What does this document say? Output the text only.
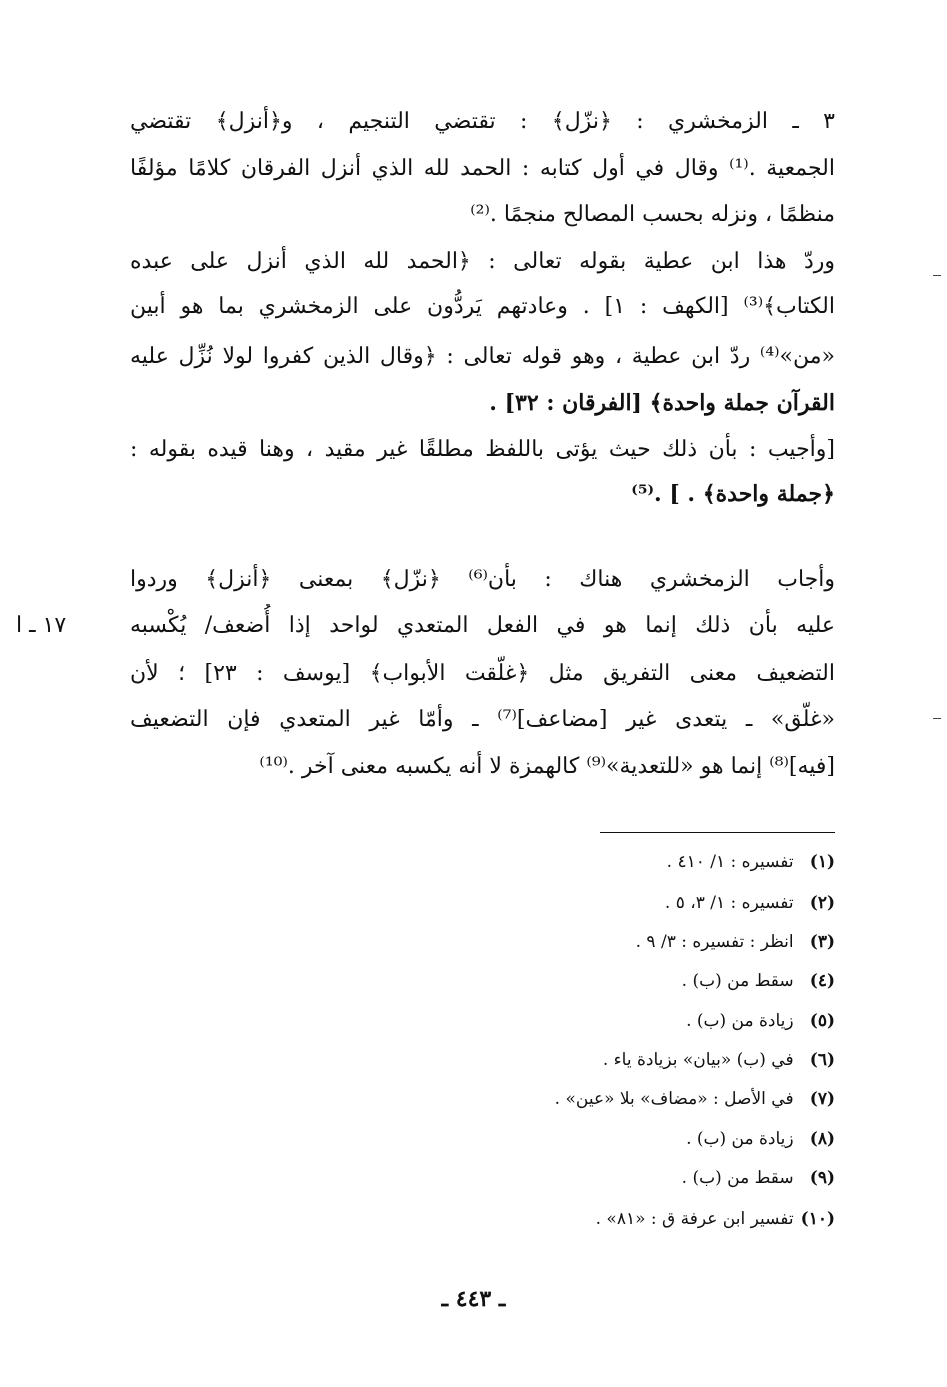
٣ ـ الزمخشري : ﴿نزّل﴾ : تقتضي التنجيم ، و﴿أنزل﴾ تقتضي
الجمعية .⁽¹⁾ وقال في أول كتابه : الحمد لله الذي أنزل الفرقان كلامًا مؤلفًا
منظمًا ، ونزله بحسب المصالح منجمًا .⁽²⁾
وردّ هذا ابن عطية بقوله تعالى : ﴿الحمد لله الذي أنزل على عبده
الكتاب﴾⁽³⁾ [الكهف : ١] . وعادتهم يَردُّون على الزمخشري بما هو أبين
«من»⁽⁴⁾ ردّ ابن عطية ، وهو قوله تعالى : ﴿وقال الذين كفروا لولا نُزِّل عليه
القرآن جملة واحدة﴾ [الفرقان : ٣٢] .
[وأجيب : بأن ذلك حيث يؤتى باللفظ مطلقًا غير مقيد ، وهنا قيده بقوله :
﴿جملة واحدة﴾ . ] .⁽⁵⁾
وأجاب الزمخشري هناك : بأن⁽⁶⁾ ﴿نزّل﴾ بمعنى ﴿أنزل﴾ وردوا
عليه بأن ذلك إنما هو في الفعل المتعدي لواحد إذا أُضعف/ يُكْسبه
التضعيف معنى التفريق مثل ﴿غلّقت الأبواب﴾ [يوسف : ٢٣] ؛ لأن
«غلّق» ـ يتعدى غير [مضاعف]⁽⁷⁾ ـ وأمّا غير المتعدي فإن التضعيف
[فيه]⁽⁸⁾ إنما هو «للتعدية»⁽⁹⁾ كالهمزة لا أنه يكسبه معنى آخر .⁽¹⁰⁾
١٧ ـ ا
(١) تفسيره : ١/ ٤١٠ .
(٢) تفسيره : ١/ ٣، ٥ .
(٣) انظر : تفسيره : ٣/ ٩ .
(٤) سقط من (ب) .
(٥) زيادة من (ب) .
(٦) في (ب) «بيان» بزيادة ياء .
(٧) في الأصل : «مضاف» بلا «عين» .
(٨) زيادة من (ب) .
(٩) سقط من (ب) .
(١٠) تفسير ابن عرفة ق : «٨١» .
ـ ٤٤٣ ـ
